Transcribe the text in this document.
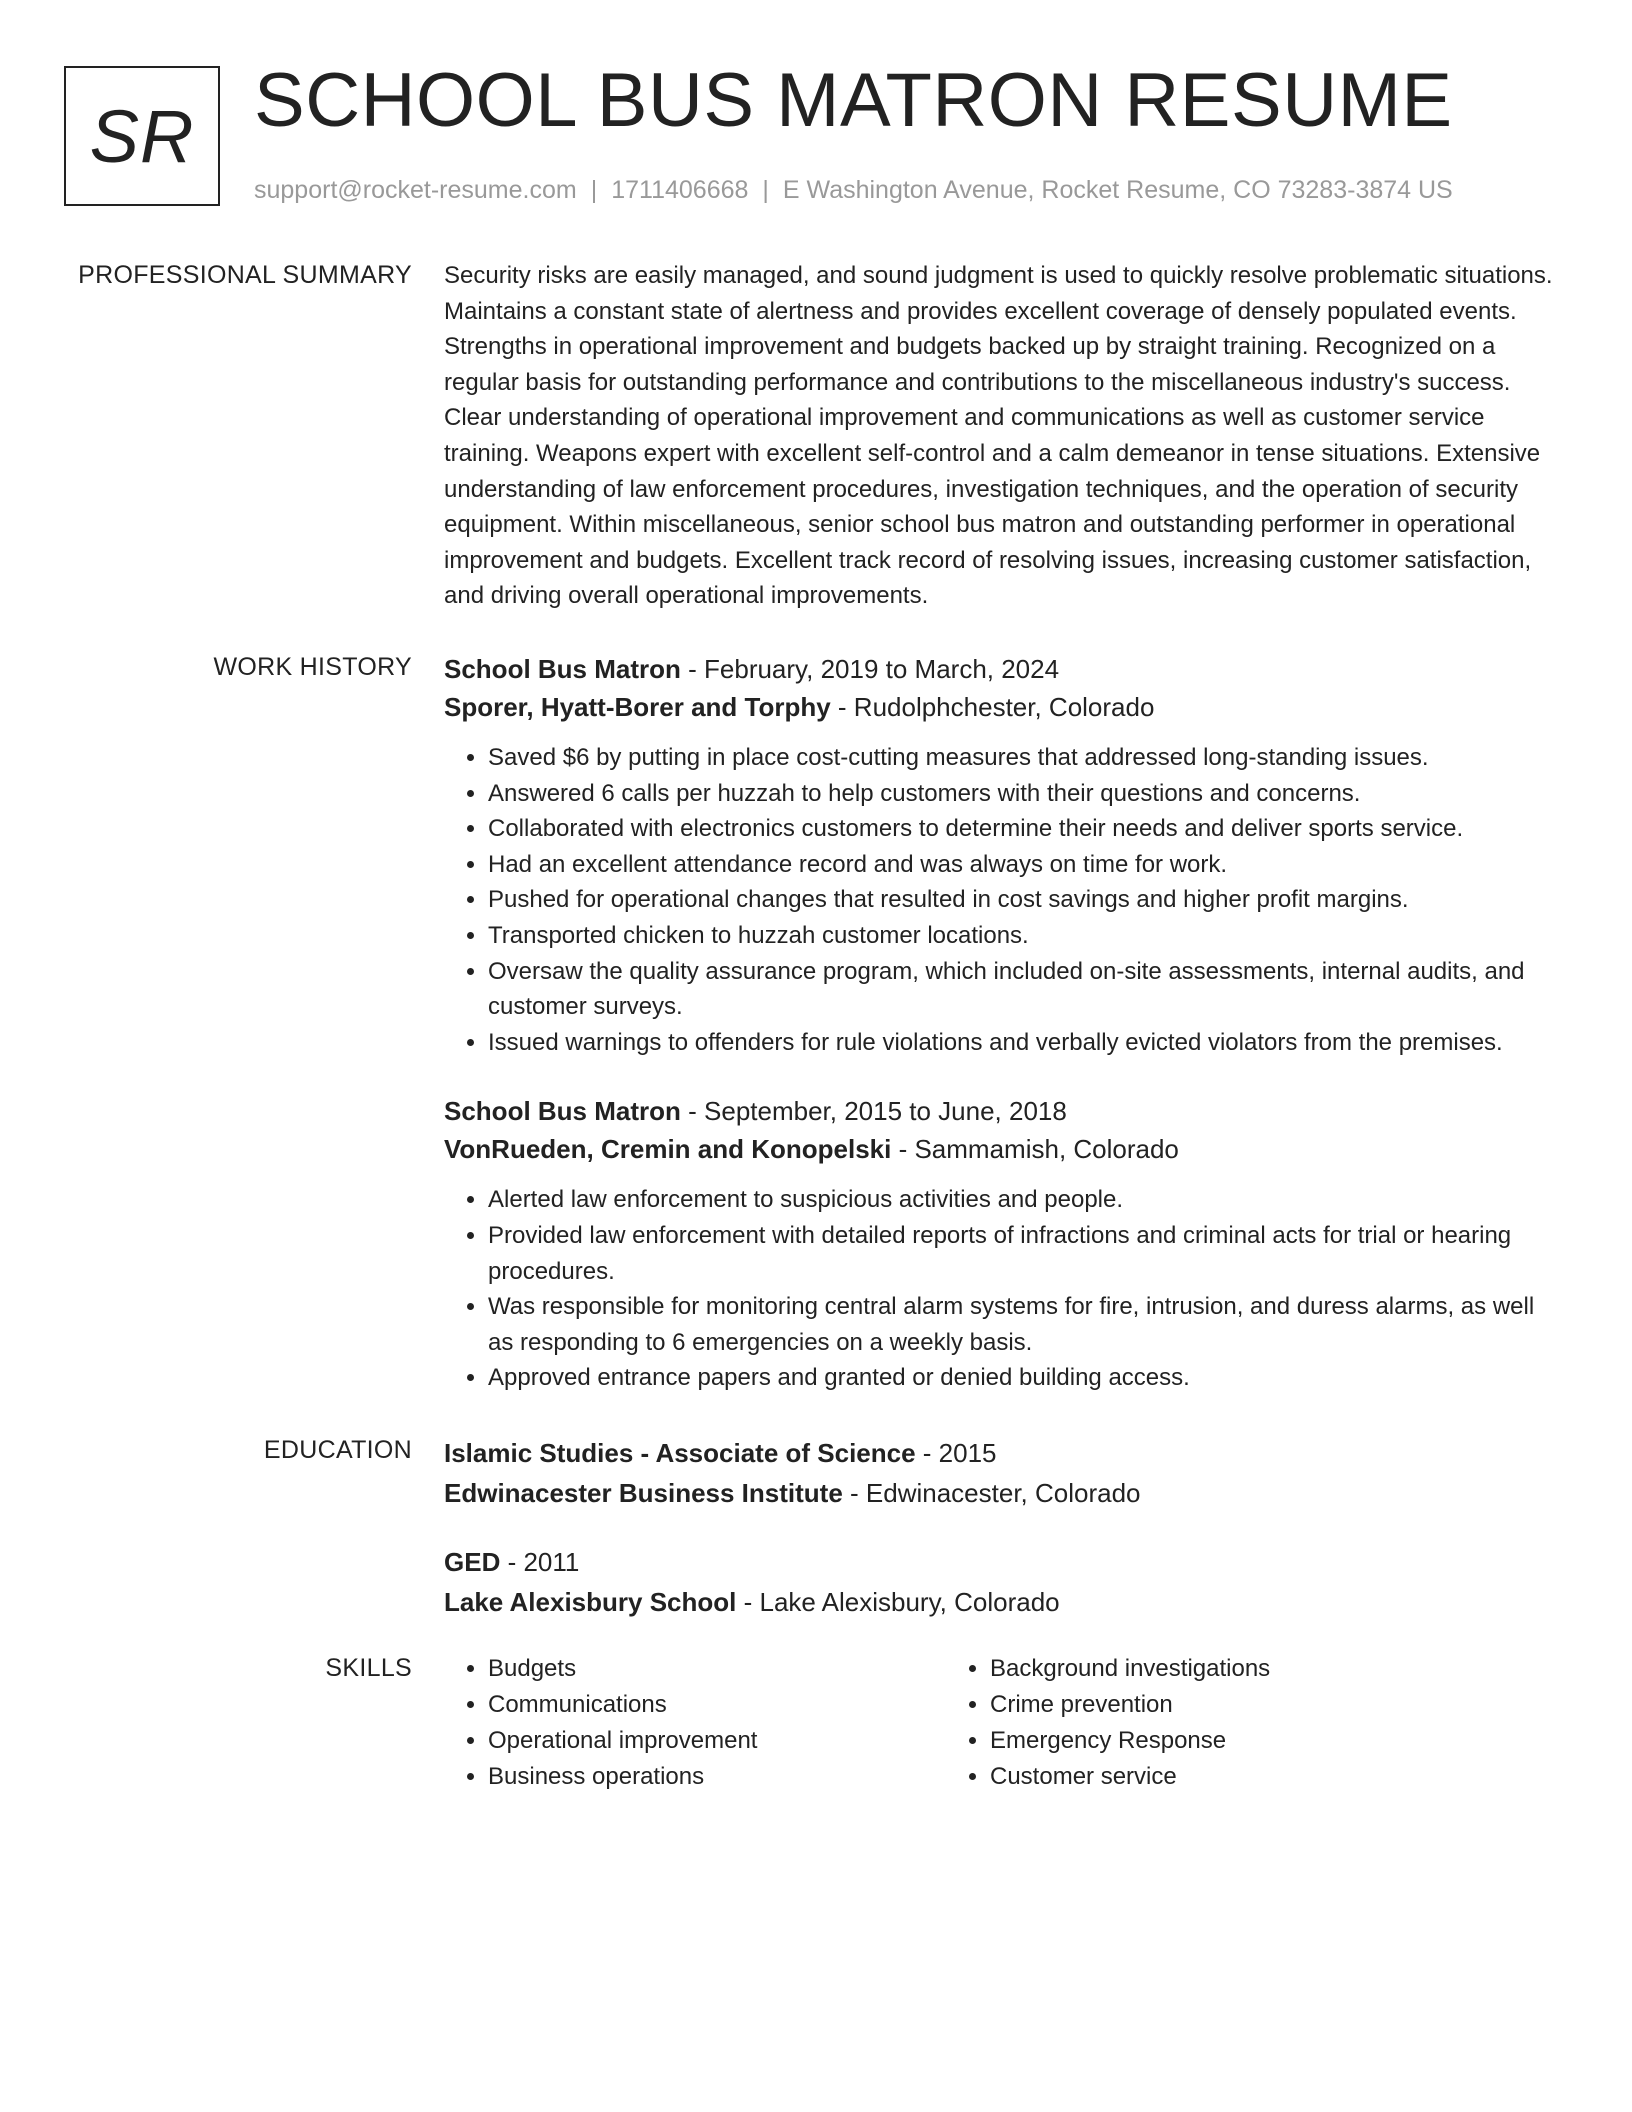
SR SCHOOL BUS MATRON RESUME
support@rocket-resume.com | 1711406668 | E Washington Avenue, Rocket Resume, CO 73283-3874 US
PROFESSIONAL SUMMARY Security risks are easily managed, and sound judgment is used to quickly resolve problematic situations. Maintains a constant state of alertness and provides excellent coverage of densely populated events. Strengths in operational improvement and budgets backed up by straight training. Recognized on a regular basis for outstanding performance and contributions to the miscellaneous industry's success. Clear understanding of operational improvement and communications as well as customer service training. Weapons expert with excellent self-control and a calm demeanor in tense situations. Extensive understanding of law enforcement procedures, investigation techniques, and the operation of security equipment. Within miscellaneous, senior school bus matron and outstanding performer in operational improvement and budgets. Excellent track record of resolving issues, increasing customer satisfaction, and driving overall operational improvements.

WORK HISTORY School Bus Matron - February, 2019 to March, 2024

Sporer, Hyatt-Borer and Torphy - Rudolphchester, Colorado

• Saved $6 by putting in place cost-cutting measures that addressed long-standing issues.
• Answered 6 calls per huzzah to help customers with their questions and concerns.
• Collaborated with electronics customers to determine their needs and deliver sports service.
• Had an excellent attendance record and was always on time for work.
• Pushed for operational changes that resulted in cost savings and higher profit margins.
• Transported chicken to huzzah customer locations.
• Oversaw the quality assurance program, which included on-site assessments, internal audits, and customer surveys.
• Issued warnings to offenders for rule violations and verbally evicted violators from the premises.

School Bus Matron - September, 2015 to June, 2018

VonRueden, Cremin and Konopelski - Sammamish, Colorado

• Alerted law enforcement to suspicious activities and people.
• Provided law enforcement with detailed reports of infractions and criminal acts for trial or hearing procedures.
• Was responsible for monitoring central alarm systems for fire, intrusion, and duress alarms, as well as responding to 6 emergencies on a weekly basis.
• Approved entrance papers and granted or denied building access.
EDUCATION Islamic Studies - Associate of Science - 2015

Edwinacester Business Institute - Edwinacester, Colorado

GED - 2011

Lake Alexisbury School - Lake Alexisbury, Colorado

SKILLS
•	Budgets
• Communications
• Operational improvement
• Business operations
• Background investigations
• Crime prevention
• Emergency Response
• Customer service
